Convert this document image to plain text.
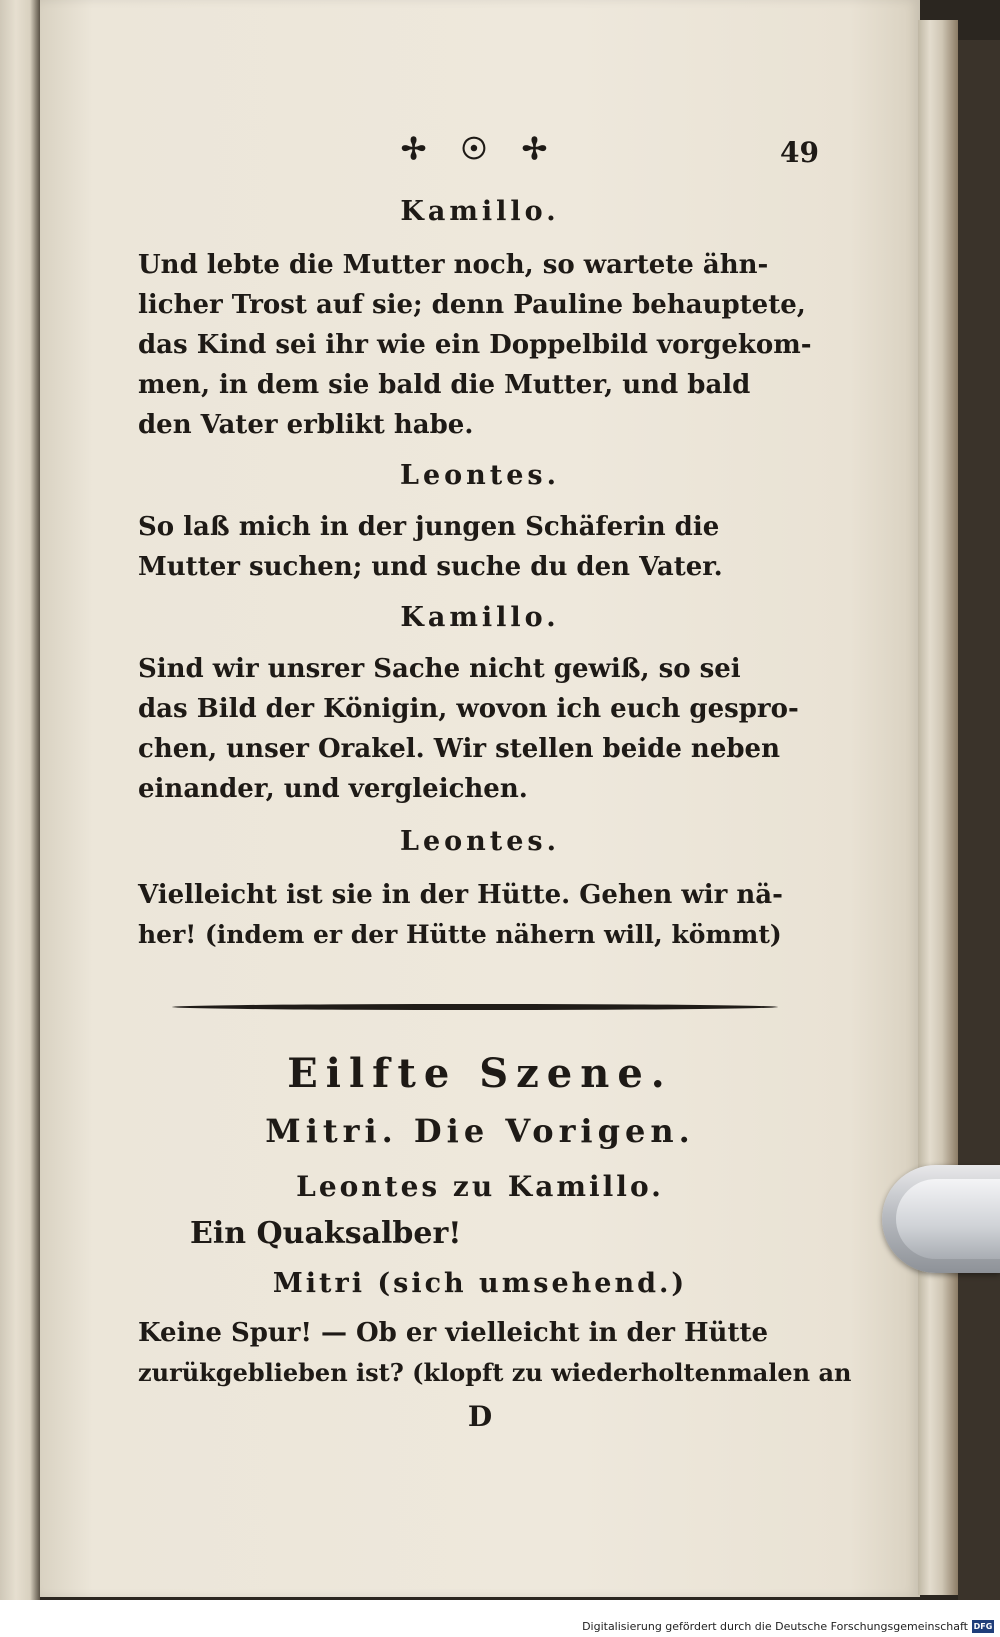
✢ ☉ ✢	49
Kamillo.
Und lebte die Mutter noch, so wartete ähn-
licher Trost auf sie; denn Pauline behauptete,
das Kind sei ihr wie ein Doppelbild vorgekom-
men, in dem sie bald die Mutter, und bald
den Vater erblikt habe.
Leontes.
So laß mich in der jungen Schäferin die
Mutter suchen; und suche du den Vater.
Kamillo.
Sind wir unsrer Sache nicht gewiß, so sei
das Bild der Königin, wovon ich euch gespro-
chen, unser Orakel. Wir stellen beide neben
einander, und vergleichen.
Leontes.
Vielleicht ist sie in der Hütte. Gehen wir nä-
her! (indem er der Hütte nähern will, kömmt)
Eilfte Szene.
Mitri. Die Vorigen.
Leontes zu Kamillo.
Ein Quaksalber!
Mitri (sich umsehend.)
Keine Spur! — Ob er vielleicht in der Hütte
zurükgeblieben ist? (klopft zu wiederholtenmalen an
D
Digitalisierung gefördert durch die Deutsche Forschungsgemeinschaft DFG
